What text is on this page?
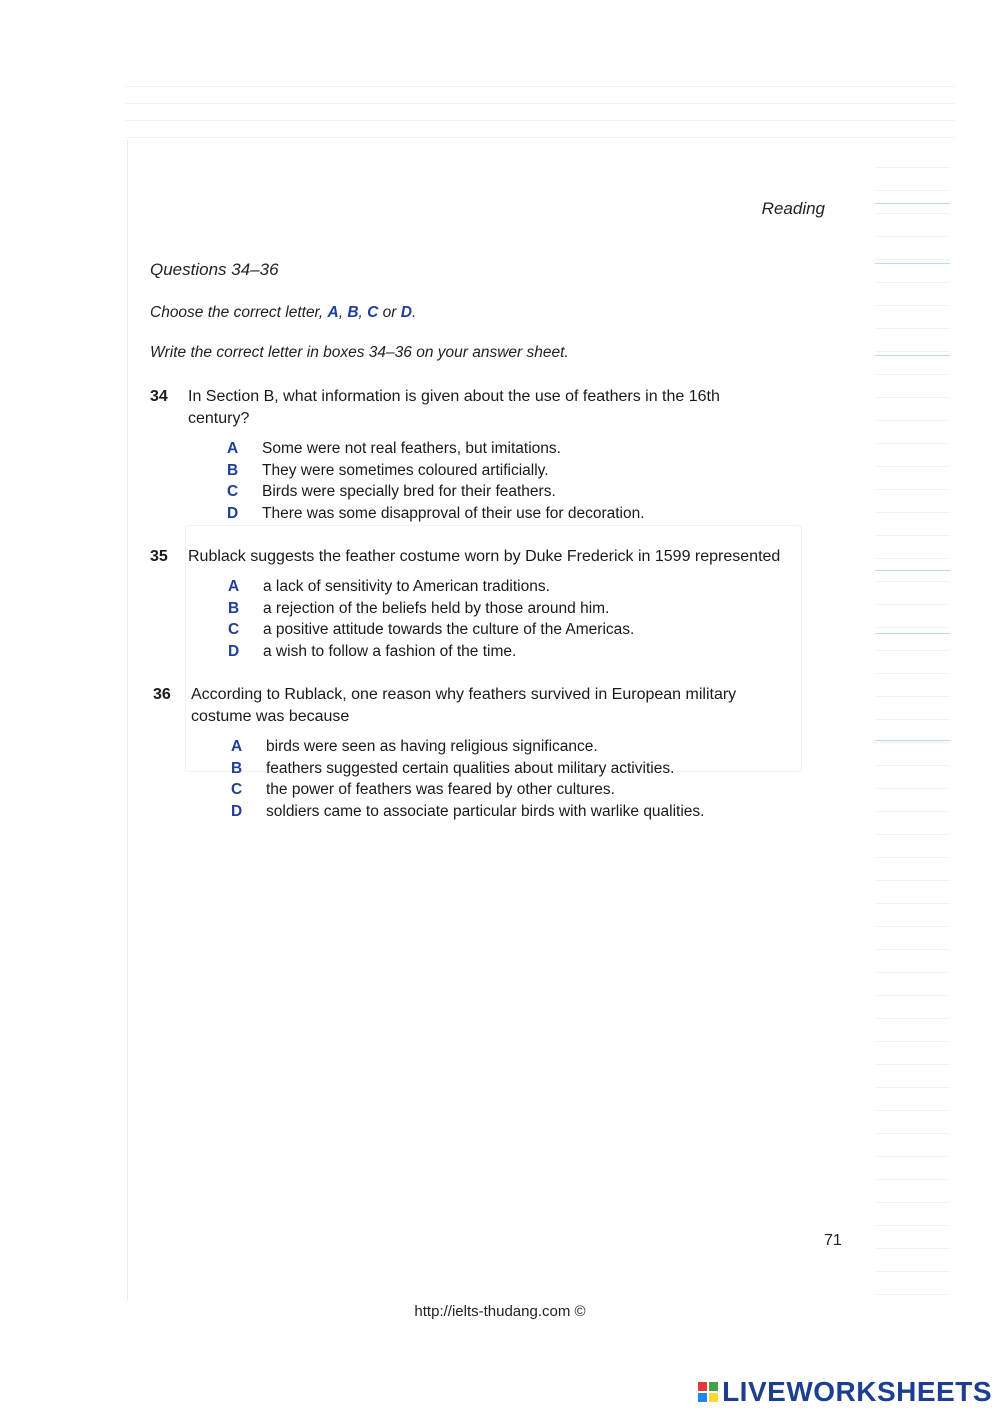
Reading
Questions 34–36
Choose the correct letter, A, B, C or D.
Write the correct letter in boxes 34–36 on your answer sheet.
34	In Section B, what information is given about the use of feathers in the 16th century?
A	Some were not real feathers, but imitations.
B	They were sometimes coloured artificially.
C	Birds were specially bred for their feathers.
D	There was some disapproval of their use for decoration.
35	Rublack suggests the feather costume worn by Duke Frederick in 1599 represented
A	a lack of sensitivity to American traditions.
B	a rejection of the beliefs held by those around him.
C	a positive attitude towards the culture of the Americas.
D	a wish to follow a fashion of the time.
36	According to Rublack, one reason why feathers survived in European military costume was because
A	birds were seen as having religious significance.
B	feathers suggested certain qualities about military activities.
C	the power of feathers was feared by other cultures.
D	soldiers came to associate particular birds with warlike qualities.
71
http://ielts-thudang.com ©
LIVEWORKSHEETS
